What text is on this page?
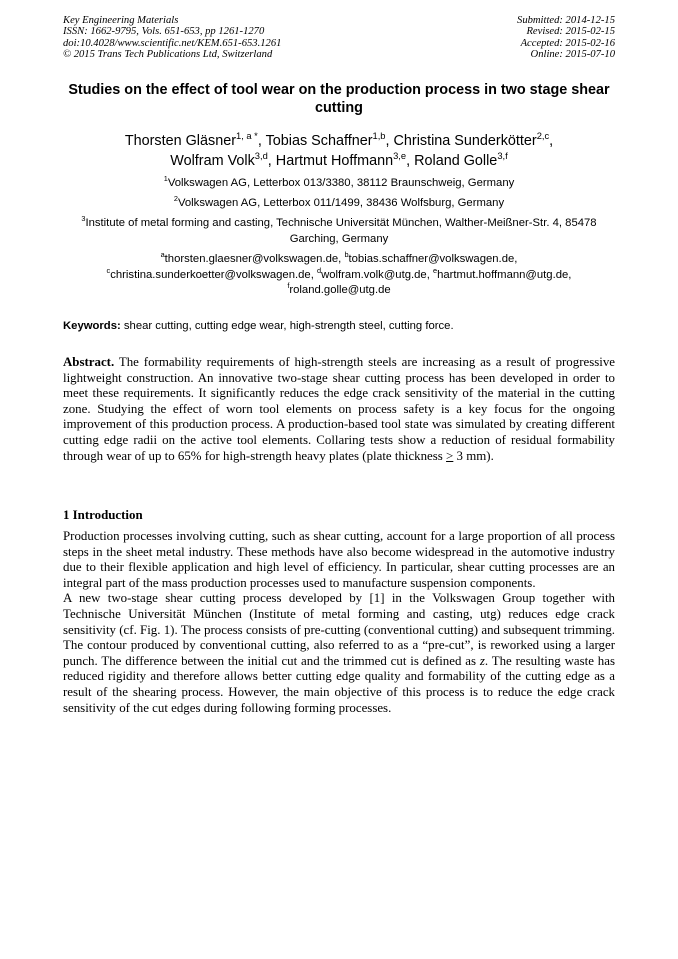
Key Engineering Materials
ISSN: 1662-9795, Vols. 651-653, pp 1261-1270
doi:10.4028/www.scientific.net/KEM.651-653.1261
© 2015 Trans Tech Publications Ltd, Switzerland
Submitted: 2014-12-15
Revised: 2015-02-15
Accepted: 2015-02-16
Online: 2015-07-10
Studies on the effect of tool wear on the production process in two stage shear cutting
Thorsten Gläsner$^{1, a *}$, Tobias Schaffner$^{1,b}$, Christina Sunderkötter$^{2,c}$,
Wolfram Volk$^{3,d}$, Hartmut Hoffmann$^{3,e}$, Roland Golle$^{3,f}$
$^1$Volkswagen AG, Letterbox 013/3380, 38112 Braunschweig, Germany
$^2$Volkswagen AG, Letterbox 011/1499, 38436 Wolfsburg, Germany
$^3$Institute of metal forming and casting, Technische Universität München, Walther-Meißner-Str. 4, 85478 Garching, Germany
$^a$thorsten.glaesner@volkswagen.de, $^b$tobias.schaffner@volkswagen.de,
$^c$christina.sunderkoetter@volkswagen.de, $^d$wolfram.volk@utg.de, $^e$hartmut.hoffmann@utg.de,
$^f$roland.golle@utg.de
Keywords: shear cutting, cutting edge wear, high-strength steel, cutting force.
Abstract. The formability requirements of high-strength steels are increasing as a result of progressive lightweight construction. An innovative two-stage shear cutting process has been developed in order to meet these requirements. It significantly reduces the edge crack sensitivity of the material in the cutting zone. Studying the effect of worn tool elements on process safety is a key focus for the ongoing improvement of this production process. A production-based tool state was simulated by creating different cutting edge radii on the active tool elements. Collaring tests show a reduction of residual formability through wear of up to 65% for high-strength heavy plates (plate thickness ≥ 3 mm).
1 Introduction

Production processes involving cutting, such as shear cutting, account for a large proportion of all process steps in the sheet metal industry. These methods have also become widespread in the automotive industry due to their flexible application and high level of efficiency. In particular, shear cutting processes are an integral part of the mass production processes used to manufacture suspension components.

A new two-stage shear cutting process developed by [1] in the Volkswagen Group together with Technische Universität München (Institute of metal forming and casting, utg) reduces edge crack sensitivity (cf. Fig. 1). The process consists of pre-cutting (conventional cutting) and subsequent trimming. The contour produced by conventional cutting, also referred to as a “pre-cut”, is reworked using a larger punch. The difference between the initial cut and the trimmed cut is defined as z. The resulting waste has reduced rigidity and therefore allows better cutting edge quality and formability of the cutting edge as a result of the shearing process. However, the main objective of this process is to reduce the edge crack sensitivity of the cut edges during following forming processes.
